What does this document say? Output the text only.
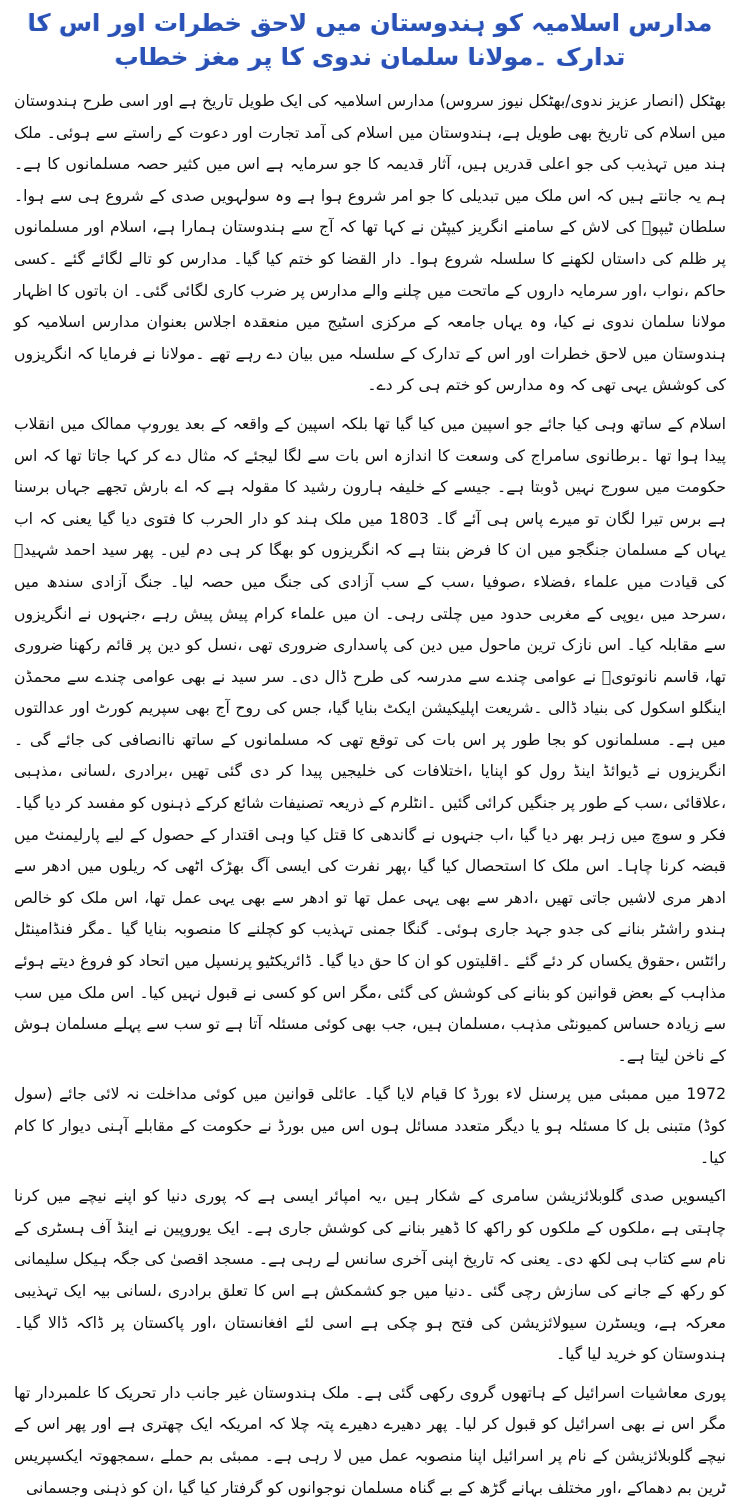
مدارس اسلامیہ کو ہندوستان میں لاحق خطرات اور اس کا تدارک ۔مولانا سلمان ندوی کا پر مغز خطاب

بھٹکل (انصار عزیز ندوی/بھٹکل نیوز سروس) مدارس اسلامیہ کی ایک طویل تاریخ ہے اور اسی طرح ہندوستان میں اسلام کی تاریخ بھی طویل ہے، ہندوستان میں اسلام کی آمد تجارت اور دعوت کے راستے سے ہوئی۔ ملک ہند میں تہذیب کی جو اعلی قدریں ہیں، آثار قدیمہ کا جو سرمایہ ہے اس میں کثیر حصہ مسلمانوں کا ہے۔ ہم یہ جانتے ہیں کہ اس ملک میں تبدیلی کا جو امر شروع ہوا ہے وہ سولہویں صدی کے شروع ہی سے ہوا۔ سلطان ٹیپوؒ کی لاش کے سامنے انگریز کیپٹن نے کہا تھا کہ آج سے ہندوستان ہمارا ہے، اسلام اور مسلمانوں پر ظلم کی داستاں لکھنے کا سلسلہ شروع ہوا۔ دار القضا کو ختم کیا گیا۔ مدارس کو تالے لگائے گئے ۔کسی حاکم ،نواب ،اور سرمایہ داروں کے ماتحت میں چلنے والے مدارس پر ضرب کاری لگائی گئی۔ ان باتوں کا اظہار مولانا سلمان ندوی نے کیا، وہ یہاں جامعہ کے مرکزی اسٹیج میں منعقدہ اجلاس بعنوان مدارس اسلامیہ کو ہندوستان میں لاحق خطرات اور اس کے تدارک کے سلسلہ میں بیان دے رہے تھے ۔مولانا نے فرمایا کہ انگریزوں کی کوشش یہی تھی کہ وہ مدارس کو ختم ہی کر دے۔

اسلام کے ساتھ وہی کیا جائے جو اسپین میں کیا گیا تھا بلکہ اسپین کے واقعہ کے بعد یوروپ ممالک میں انقلاب پیدا ہوا تھا ۔برطانوی سامراج کی وسعت کا اندازہ اس بات سے لگا لیجئے کہ مثال دے کر کہا جاتا تھا کہ اس حکومت میں سورج نہیں ڈوبتا ہے۔ جیسے کے خلیفہ ہارون رشید کا مقولہ ہے کہ اے بارش تجھے جہاں برسنا ہے برس تیرا لگان تو میرے پاس ہی آئے گا۔ 1803 میں ملک ہند کو دار الحرب کا فتوی دیا گیا یعنی کہ اب یہاں کے مسلمان جنگجو میں ان کا فرض بنتا ہے کہ انگریزوں کو بھگا کر ہی دم لیں۔ پھر سید احمد شہیدؒ کی قیادت میں علماء ،فضلاء ،صوفیا ،سب کے سب آزادی کی جنگ میں حصہ لیا۔ جنگ آزادی سندھ میں ،سرحد میں ،یوپی کے مغربی حدود میں چلتی رہی۔ ان میں علماء کرام پیش پیش رہے ،جنہوں نے انگریزوں سے مقابلہ کیا۔ اس نازک ترین ماحول میں دین کی پاسداری ضروری تھی ،نسل کو دین پر قائم رکھنا ضروری تھا، قاسم نانوتویؒ نے عوامی چندے سے مدرسہ کی طرح ڈال دی۔ سر سید نے بھی عوامی چندے سے محمڈن اینگلو اسکول کی بنیاد ڈالی ۔شریعت اپلیکیشن ایکٹ بنایا گیا، جس کی روح آج بھی سپریم کورٹ اور عدالتوں میں ہے۔ مسلمانوں کو بجا طور پر اس بات کی توقع تھی کہ مسلمانوں کے ساتھ ناانصافی کی جائے گی ۔انگریزوں نے ڈیوائڈ اینڈ رول کو اپنایا ،اختلافات کی خلیجیں پیدا کر دی گئی تھیں ،برادری ،لسانی ،مذہبی ،علاقائی ،سب کے طور پر جنگیں کرائی گئیں ۔انٹلرم کے ذریعہ تصنیفات شائع کرکے ذہنوں کو مفسد کر دیا گیا۔ فکر و سوچ میں زہر بھر دیا گیا ،اب جنہوں نے گاندھی کا قتل کیا وہی اقتدار کے حصول کے لیے پارلیمنٹ میں قبضہ کرنا چاہا۔ اس ملک کا استحصال کیا گیا ،پھر نفرت کی ایسی آگ بھڑک اٹھی کہ ریلوں میں ادھر سے ادھر مری لاشیں جاتی تھیں ،ادھر سے بھی یہی عمل تھا تو ادھر سے بھی یہی عمل تھا، اس ملک کو خالص ہندو راشٹر بنانے کی جدو جہد جاری ہوئی۔ گنگا جمنی تہذیب کو کچلنے کا منصوبہ بنایا گیا ۔مگر فنڈامینٹل رائٹس ،حقوق یکساں کر دئے گئے ۔اقلیتوں کو ان کا حق دیا گیا۔ ڈائریکٹیو پرنسپل میں اتحاد کو فروغ دیتے ہوئے مذاہب کے بعض قوانین کو بنانے کی کوشش کی گئی ،مگر اس کو کسی نے قبول نہیں کیا۔ اس ملک میں سب سے زیادہ حساس کمیونٹی مذہب ،مسلمان ہیں، جب بھی کوئی مسئلہ آتا ہے تو سب سے پہلے مسلمان ہوش کے ناخن لیتا ہے۔

1972 میں ممبئی میں پرسنل لاء بورڈ کا قیام لایا گیا۔ عائلی قوانین میں کوئی مداخلت نہ لائی جائے (سول کوڈ) متبنی بل کا مسئلہ ہو یا دیگر متعدد مسائل ہوں اس میں بورڈ نے حکومت کے مقابلے آہنی دیوار کا کام کیا۔

اکیسویں صدی گلوبلائزیشن سامری کے شکار ہیں ،یہ امپائر ایسی ہے کہ پوری دنیا کو اپنے نیچے میں کرنا چاہتی ہے ،ملکوں کے ملکوں کو راکھ کا ڈھیر بنانے کی کوشش جاری ہے۔ ایک یوروپین نے اینڈ آف ہسٹری کے نام سے کتاب ہی لکھ دی۔ یعنی کہ تاریخ اپنی آخری سانس لے رہی ہے۔ مسجد اقصیٰ کی جگہ ہیکل سلیمانی کو رکھ کے جانے کی سازش رچی گئی ۔دنیا میں جو کشمکش ہے اس کا تعلق برادری ،لسانی بیہ ایک تہذیبی معرکہ ہے، ویسٹرن سیولائزیشن کی فتح ہو چکی ہے اسی لئے افغانستان ،اور پاکستان پر ڈاکہ ڈالا گیا۔ ہندوستان کو خرید لیا گیا۔

پوری معاشیات اسرائیل کے ہاتھوں گروی رکھی گئی ہے۔ ملک ہندوستان غیر جانب دار تحریک کا علمبردار تھا مگر اس نے بھی اسرائیل کو قبول کر لیا۔ پھر دھیرے دھیرے پتہ چلا کہ امریکہ ایک چھتری ہے اور پھر اس کے نیچے گلوبلائزیشن کے نام پر اسرائیل اپنا منصوبہ عمل میں لا رہی ہے۔ ممبئی بم حملے ،سمجھوتہ ایکسپریس ٹرین بم دھماکے ،اور مختلف بہانے گڑھ کے بے گناہ مسلمان نوجوانوں کو گرفتار کیا گیا ،ان کو ذہنی وجسمانی
